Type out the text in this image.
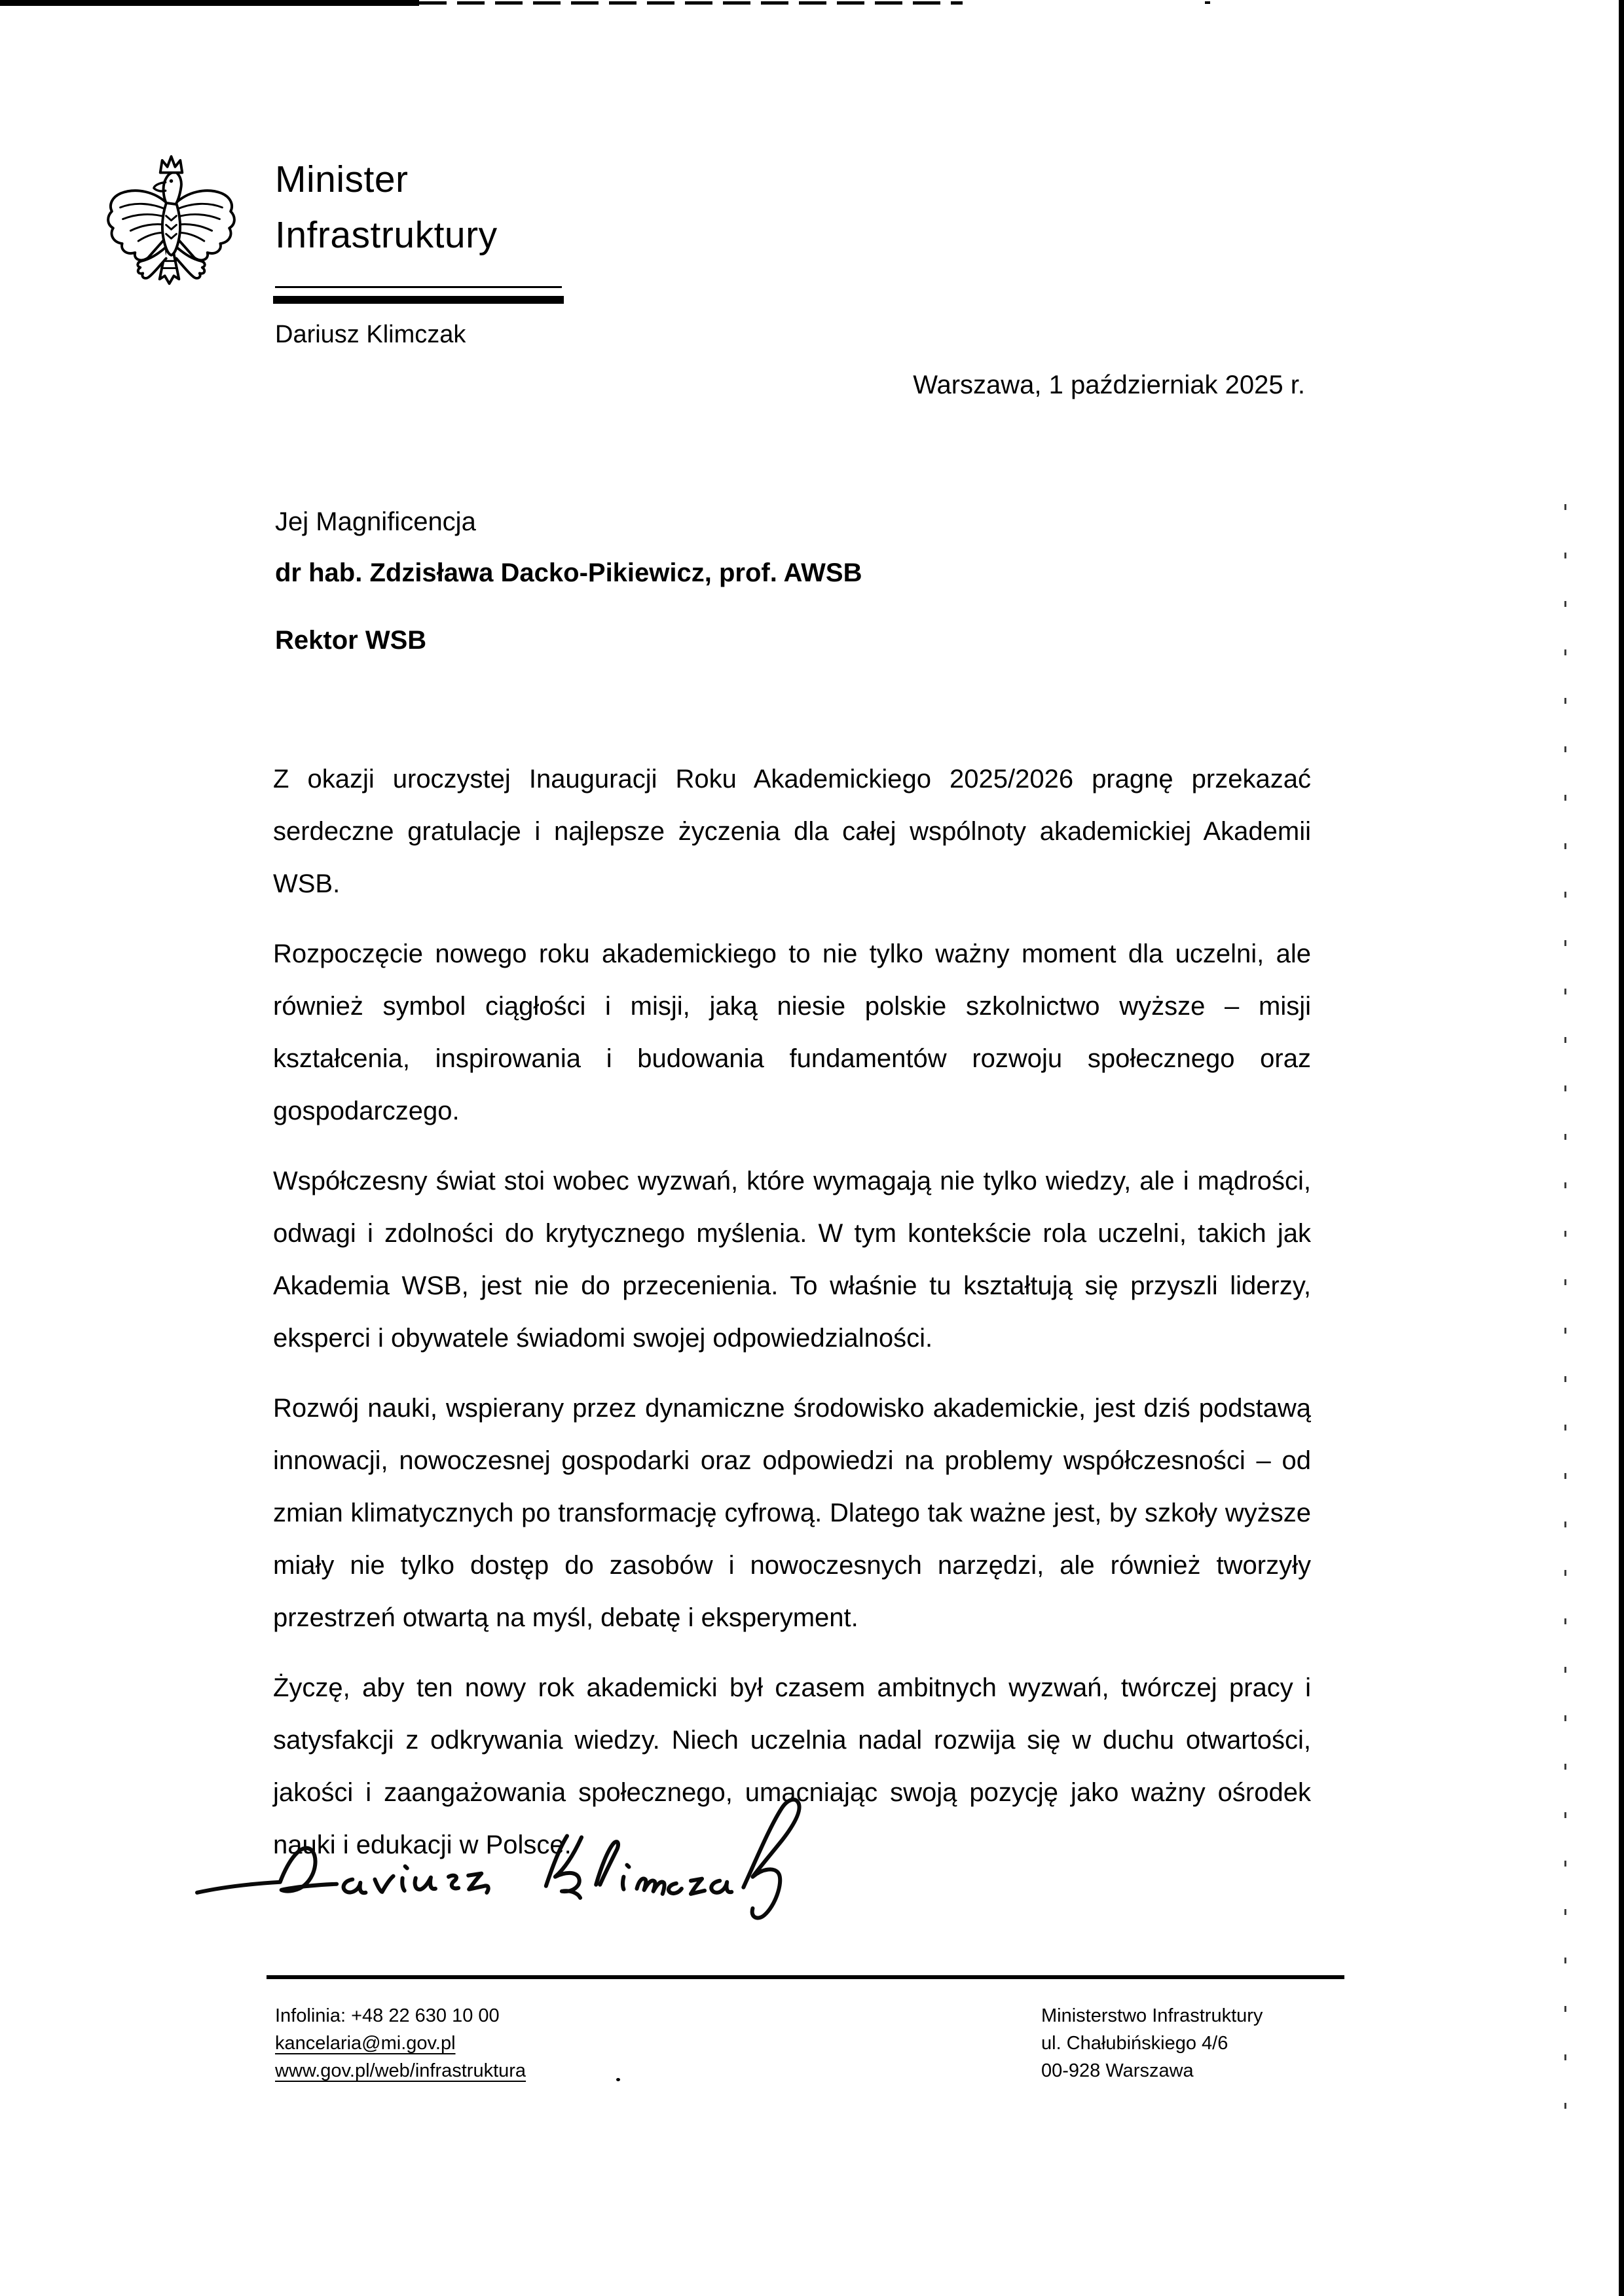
Minister
Infrastruktury
Dariusz Klimczak
Warszawa, 1 październiak 2025 r.
Jej Magnificencja
dr hab. Zdzisława Dacko-Pikiewicz, prof. AWSB
Rektor WSB

Z okazji uroczystej Inauguracji Roku Akademickiego 2025/2026 pragnę przekazać serdeczne gratulacje i najlepsze życzenia dla całej wspólnoty akademickiej Akademii WSB.

Rozpoczęcie nowego roku akademickiego to nie tylko ważny moment dla uczelni, ale również symbol ciągłości i misji, jaką niesie polskie szkolnictwo wyższe – misji kształcenia, inspirowania i budowania fundamentów rozwoju społecznego oraz gospodarczego.

Współczesny świat stoi wobec wyzwań, które wymagają nie tylko wiedzy, ale i mądrości, odwagi i zdolności do krytycznego myślenia. W tym kontekście rola uczelni, takich jak Akademia WSB, jest nie do przecenienia. To właśnie tu kształtują się przyszli liderzy, eksperci i obywatele świadomi swojej odpowiedzialności.

Rozwój nauki, wspierany przez dynamiczne środowisko akademickie, jest dziś podstawą innowacji, nowoczesnej gospodarki oraz odpowiedzi na problemy współczesności – od zmian klimatycznych po transformację cyfrową. Dlatego tak ważne jest, by szkoły wyższe miały nie tylko dostęp do zasobów i nowoczesnych narzędzi, ale również tworzyły przestrzeń otwartą na myśl, debatę i eksperyment.

Życzę, aby ten nowy rok akademicki był czasem ambitnych wyzwań, twórczej pracy i satysfakcji z odkrywania wiedzy. Niech uczelnia nadal rozwija się w duchu otwartości, jakości i zaangażowania społecznego, umacniając swoją pozycję jako ważny ośrodek nauki i edukacji w Polsce.

Infolinia: +48 22 630 10 00
kancelaria@mi.gov.pl
www.gov.pl/web/infrastruktura
Ministerstwo Infrastruktury
ul. Chałubińskiego 4/6
00-928 Warszawa
